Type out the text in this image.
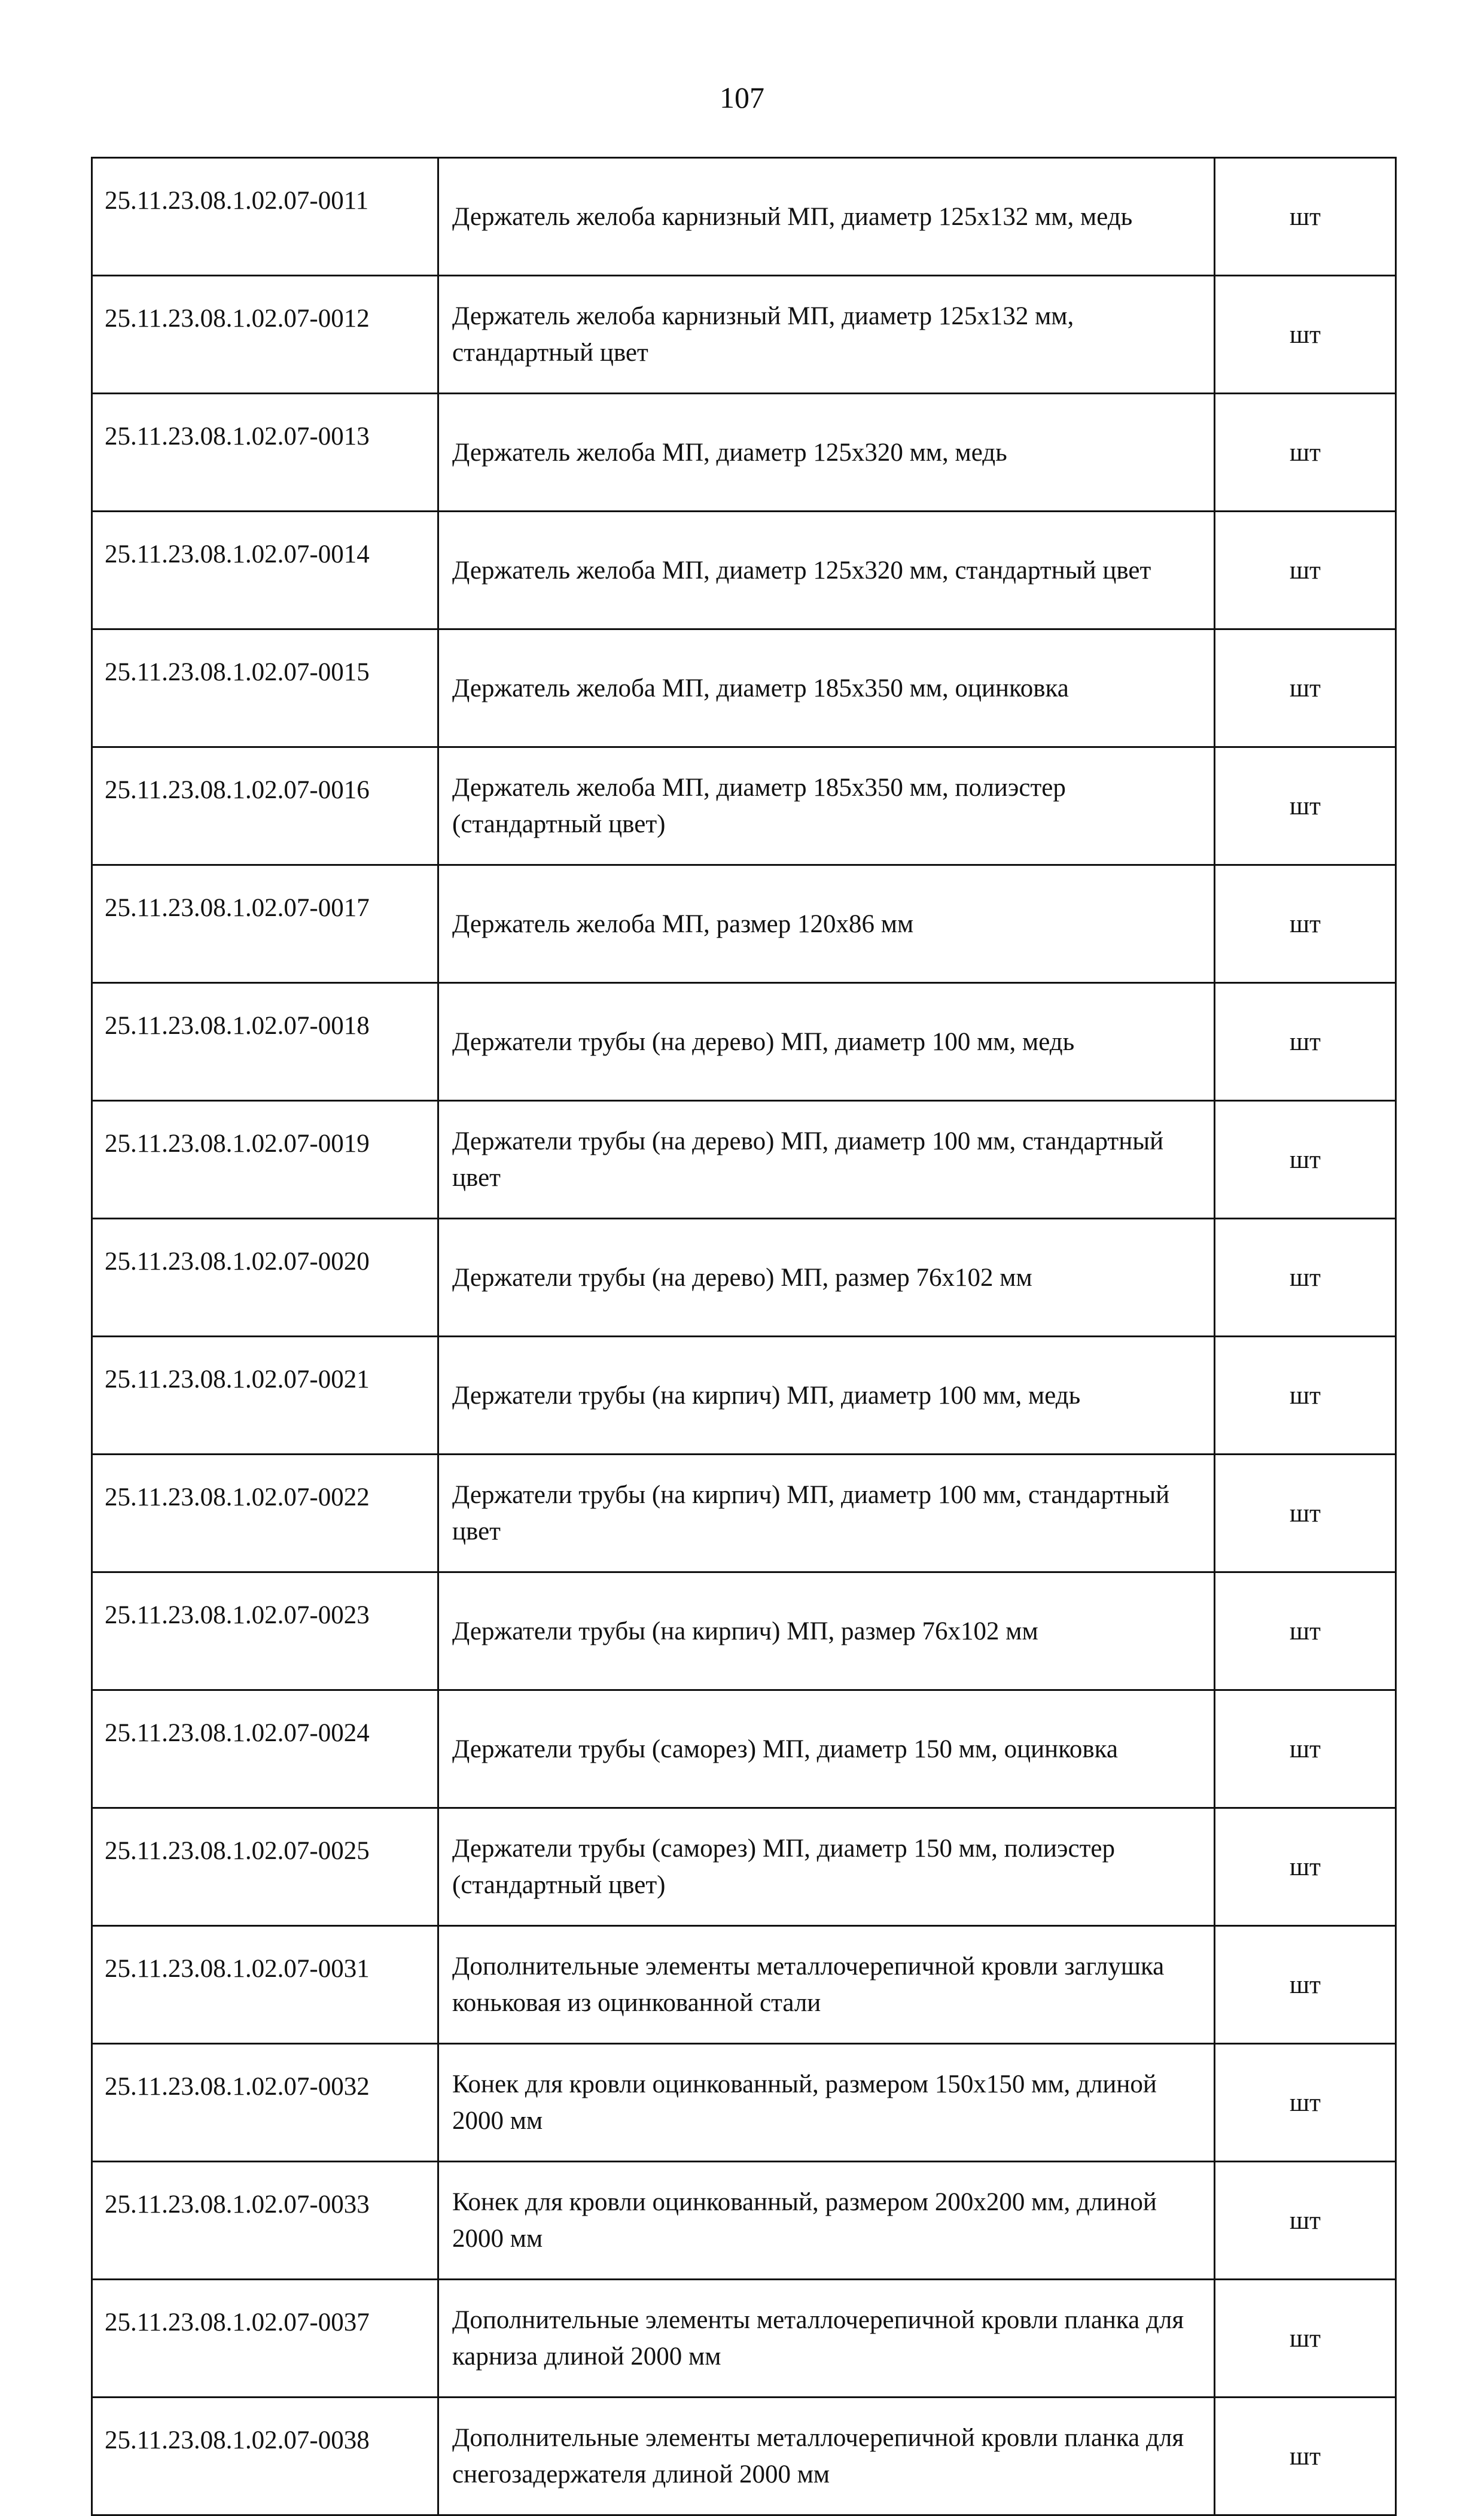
107
25.11.23.08.1.02.07-0011	Держатель желоба карнизный МП, диаметр 125х132 мм, медь	шт
25.11.23.08.1.02.07-0012	Держатель желоба карнизный МП, диаметр 125х132 мм, стандартный цвет	шт
25.11.23.08.1.02.07-0013	Держатель желоба МП, диаметр 125х320 мм, медь	шт
25.11.23.08.1.02.07-0014	Держатель желоба МП, диаметр 125х320 мм, стандартный цвет	шт
25.11.23.08.1.02.07-0015	Держатель желоба МП, диаметр 185х350 мм, оцинковка	шт
25.11.23.08.1.02.07-0016	Держатель желоба МП, диаметр 185х350 мм, полиэстер (стандартный цвет)	шт
25.11.23.08.1.02.07-0017	Держатель желоба МП, размер 120х86 мм	шт
25.11.23.08.1.02.07-0018	Держатели трубы (на дерево) МП, диаметр 100 мм, медь	шт
25.11.23.08.1.02.07-0019	Держатели трубы (на дерево) МП, диаметр 100 мм, стандартный цвет	шт
25.11.23.08.1.02.07-0020	Держатели трубы (на дерево) МП, размер 76х102 мм	шт
25.11.23.08.1.02.07-0021	Держатели трубы (на кирпич) МП, диаметр 100 мм, медь	шт
25.11.23.08.1.02.07-0022	Держатели трубы (на кирпич) МП, диаметр 100 мм, стандартный цвет	шт
25.11.23.08.1.02.07-0023	Держатели трубы (на кирпич) МП, размер 76х102 мм	шт
25.11.23.08.1.02.07-0024	Держатели трубы (саморез) МП, диаметр 150 мм, оцинковка	шт
25.11.23.08.1.02.07-0025	Держатели трубы (саморез) МП, диаметр 150 мм, полиэстер (стандартный цвет)	шт
25.11.23.08.1.02.07-0031	Дополнительные элементы металлочерепичной кровли заглушка коньковая из оцинкованной стали	шт
25.11.23.08.1.02.07-0032	Конек для кровли оцинкованный, размером 150х150 мм, длиной 2000 мм	шт
25.11.23.08.1.02.07-0033	Конек для кровли оцинкованный, размером 200х200 мм, длиной 2000 мм	шт
25.11.23.08.1.02.07-0037	Дополнительные элементы металлочерепичной кровли планка для карниза длиной 2000 мм	шт
25.11.23.08.1.02.07-0038	Дополнительные элементы металлочерепичной кровли планка для снегозадержателя длиной 2000 мм	шт
